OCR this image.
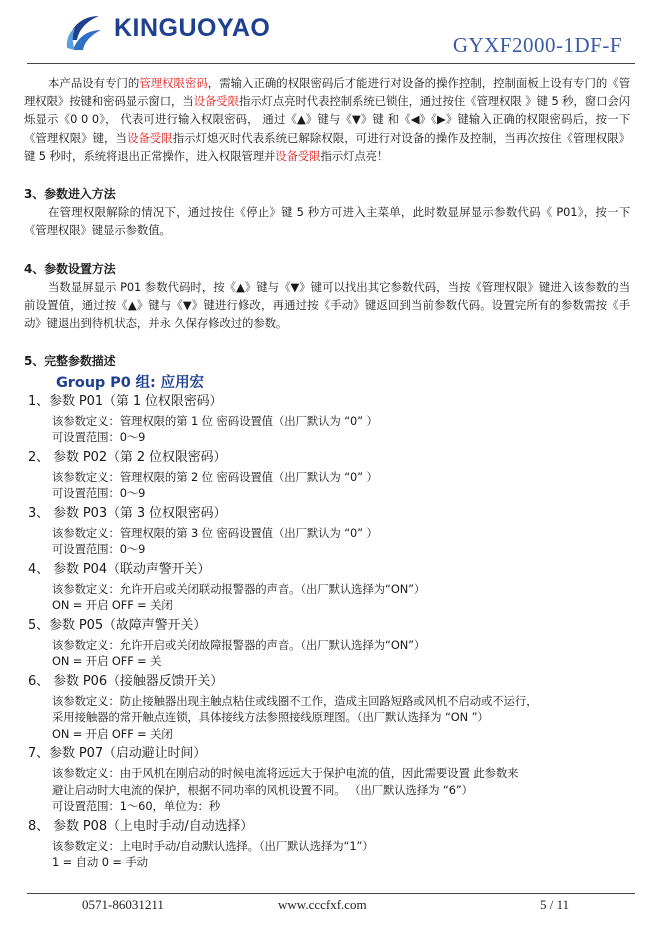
KINGUOYAO
GYXF2000-1DF-F

本产品设有专门的管理权限密码，需输入正确的权限密码后才能进行对设备的操作控制，控制面板上设有专门的《管理权限》按键和密码显示窗口，当设备受限指示灯点亮时代表控制系统已锁住，通过按住《管理权限 》键 5 秒，窗口会闪烁显示《0 0 0》， 代表可进行输入权限密码， 通过《▲》键与《▼》键 和《◀》《▶》键输入正确的权限密码后，按一下《管理权限》键，当设备受限指示灯熄灭时代表系统已解除权限，可进行对设备的操作及控制，当再次按住《管理权限》键 5 秒时，系统将退出正常操作，进入权限管理并设备受限指示灯点亮！

3、参数进入方法

在管理权限解除的情况下，通过按住《停止》键 5 秒方可进入主菜单，此时数显屏显示参数代码《 P01》，按一下《管理权限》键显示参数值。

4、参数设置方法

当数显屏显示 P01 参数代码时，按《▲》键与《▼》键可以找出其它参数代码，当按《管理权限》键进入该参数的当前设置值，通过按《▲》键与《▼》键进行修改，再通过按《手动》键返回到当前参数代码。设置完所有的参数需按《手动》键退出到待机状态，并永 久保存修改过的参数。

5、完整参数描述

Group P0 组: 应用宏

1、参数 P01（第 1 位权限密码）

该参数定义：管理权限的第 1 位 密码设置值（出厂默认为 “0” ）

可设置范围：0～9

2、 参数 P02（第 2 位权限密码）

该参数定义：管理权限的第 2 位 密码设置值（出厂默认为 “0” ）

可设置范围：0～9

3、 参数 P03（第 3 位权限密码）

该参数定义：管理权限的第 3 位 密码设置值（出厂默认为 “0” ）

可设置范围：0～9

4、 参数 P04（联动声警开关）

该参数定义：允许开启或关闭联动报警器的声音。（出厂默认选择为“ON”）

ON = 开启 OFF = 关闭

5、参数 P05（故障声警开关）

该参数定义：允许开启或关闭故障报警器的声音。（出厂默认选择为“ON”）

ON = 开启 OFF = 关

6、 参数 P06（接触器反馈开关）

该参数定义：防止接触器出现主触点粘住或线圈不工作，造成主回路短路或风机不启动或不运行，

采用接触器的常开触点连锁，具体接线方法参照接线原理图。（出厂默认选择为 “ON ”）

ON = 开启 OFF = 关闭

7、参数 P07（启动避让时间）

该参数定义：由于风机在刚启动的时候电流将远远大于保护电流的值，因此需要设置 此参数来

避让启动时大电流的保护，根据不同功率的风机设置不同。 （出厂默认选择为 “6”）

可设置范围：1～60，单位为：秒

8、 参数 P08（上电时手动/自动选择）

该参数定义：上电时手动/自动默认选择。（出厂默认选择为“1”）

1 = 自动 0 = 手动

0571-86031211	www.cccfxf.com	5 / 11
